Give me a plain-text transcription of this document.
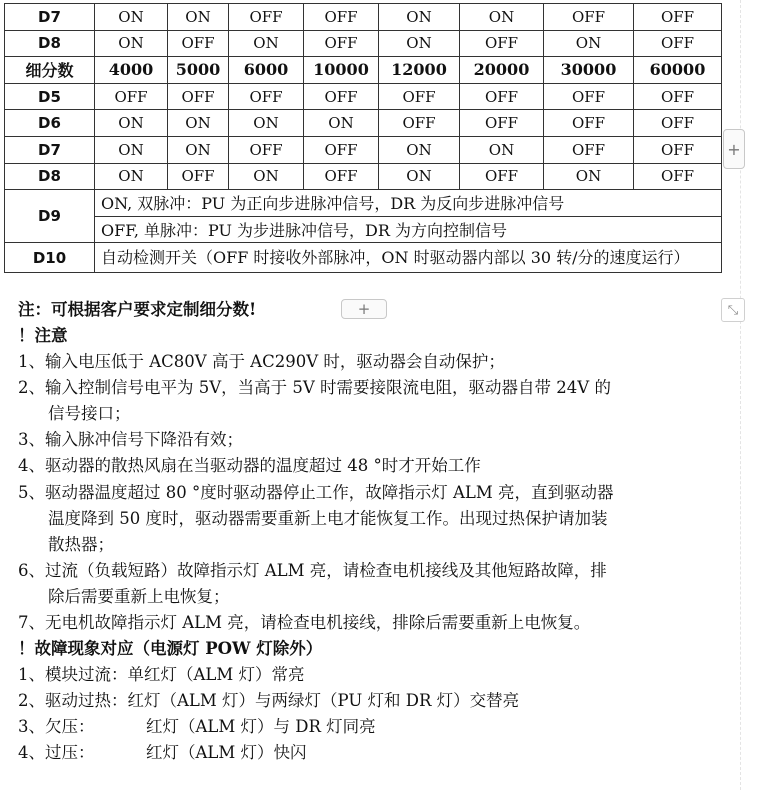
D7	ON	ON	OFF	OFF	ON	ON	OFF	OFF
D8	ON	OFF	ON	OFF	ON	OFF	ON	OFF
细分数	4000	5000	6000	10000	12000	20000	30000	60000
D5	OFF	OFF	OFF	OFF	OFF	OFF	OFF	OFF
D6	ON	ON	ON	ON	OFF	OFF	OFF	OFF
D7	ON	ON	OFF	OFF	ON	ON	OFF	OFF
D8	ON	OFF	ON	OFF	ON	OFF	ON	OFF
D9	ON, 双脉冲：PU 为正向步进脉冲信号，DR 为反向步进脉冲信号							
	OFF, 单脉冲：PU 为步进脉冲信号，DR 为方向控制信号							
D10	自动检测开关（OFF 时接收外部脉冲，ON 时驱动器内部以 30 转/分的速度运行）							
+
+	⤡
注：可根据客户要求定制细分数!
！注意
1、输入电压低于 AC80V 高于 AC290V 时，驱动器会自动保护；
2、输入控制信号电平为 5V，当高于 5V 时需要接限流电阻，驱动器自带 24V 的
信号接口；
3、输入脉冲信号下降沿有效；
4、驱动器的散热风扇在当驱动器的温度超过 48 °时才开始工作
5、驱动器温度超过 80 °度时驱动器停止工作，故障指示灯 ALM 亮，直到驱动器
温度降到 50 度时，驱动器需要重新上电才能恢复工作。出现过热保护请加装
散热器；
6、过流（负载短路）故障指示灯 ALM 亮，请检查电机接线及其他短路故障，排
除后需要重新上电恢复；
7、无电机故障指示灯 ALM 亮，请检查电机接线，排除后需要重新上电恢复。
！故障现象对应（电源灯 POW 灯除外）
1、模块过流：单红灯（ALM 灯）常亮
2、驱动过热：红灯（ALM 灯）与两绿灯（PU 灯和 DR 灯）交替亮
3、欠压：	红灯（ALM 灯）与 DR 灯同亮
4、过压：	红灯（ALM 灯）快闪
